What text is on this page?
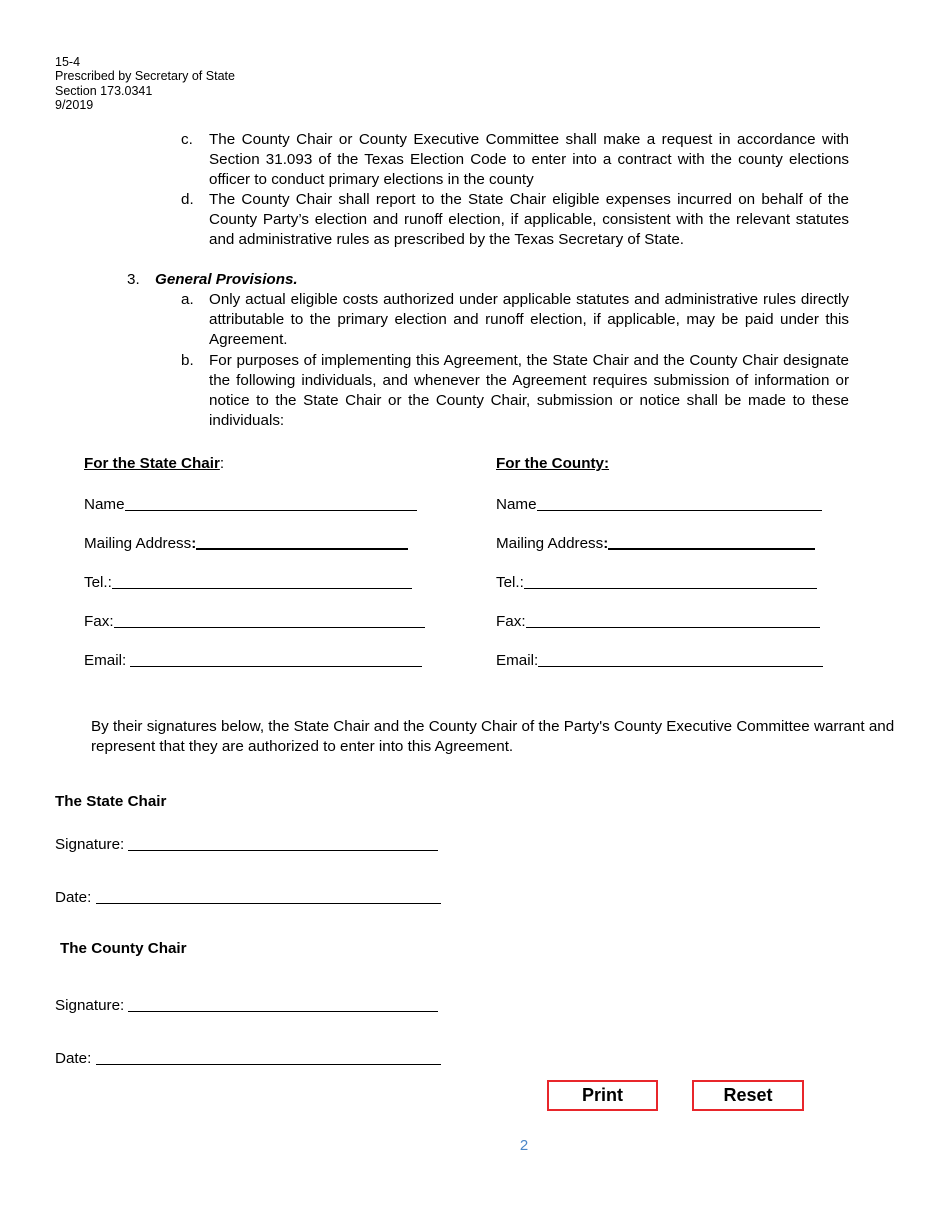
15-4
Prescribed by Secretary of State
Section 173.0341
9/2019
c.	The County Chair or County Executive Committee shall make a request in accordance with Section 31.093 of the Texas Election Code to enter into a contract with the county elections officer to conduct primary elections in the county
d.	The County Chair shall report to the State Chair eligible expenses incurred on behalf of the County Party’s election and runoff election, if applicable, consistent with the relevant statutes and administrative rules as prescribed by the Texas Secretary of State.
3. General Provisions.
a.	Only actual eligible costs authorized under applicable statutes and administrative rules directly attributable to the primary election and runoff election, if applicable, may be paid under this Agreement.
b.	For purposes of implementing this Agreement, the State Chair and the County Chair designate the following individuals, and whenever the Agreement requires submission of information or notice to the State Chair or the County Chair, submission or notice shall be made to these individuals:
For the State Chair:
Name
Mailing Address :
Tel.:
Fax:
Email:
For the County:
Name
Mailing Address :
Tel.:
Fax:
Email:
By their signatures below, the State Chair and the County Chair of the Party's County Executive Committee warrant and represent that they are authorized to enter into this Agreement.
The State Chair
Signature:
Date:
The County Chair
Signature:
Date:
Print	Reset
2
